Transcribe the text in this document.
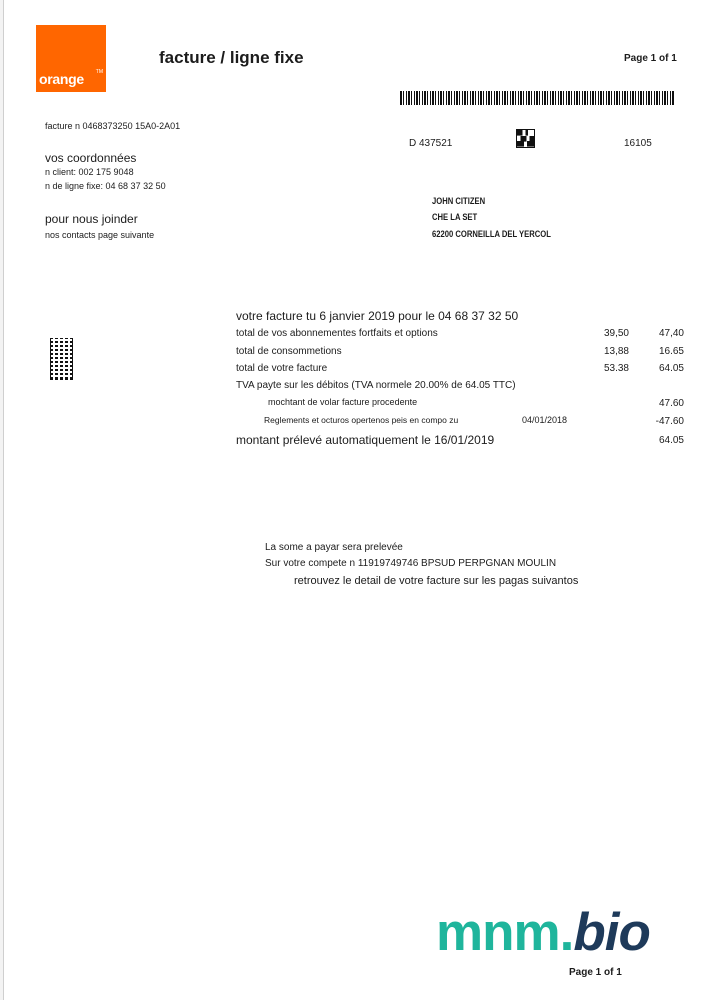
orange TM
facture / ligne fixe	Page 1 of 1
facture n 0468373250 15A0-2A01
vos coordonnées
n client: 002 175 9048
n de ligne fixe: 04 68 37 32 50
pour nous joinder
nos contacts page suivante
D 437521	16105
JOHN CITIZEN
CHE LA SET
62200 CORNEILLA DEL YERCOL
votre facture tu 6 janvier 2019 pour le 04 68 37 32 50
total de vos abonnementes fortfaits et options	39,50	47,40
total de consommetions	13,88	16.65
total de votre facture	53.38	64.05
TVA payte sur les débitos (TVA normele 20.00% de 64.05 TTC)
mochtant de volar facture procedente	47.60
Reglements et octuros opertenos peis en compo zu	04/01/2018	-47.60
montant prélevé automatiquement le 16/01/2019	64.05
La some a payar sera prelevée
Sur votre compete n 11919749746 BPSUD PERPGNAN MOULIN
retrouvez le detail de votre facture sur les pagas suivantos
mnm.bio
Page 1 of 1
